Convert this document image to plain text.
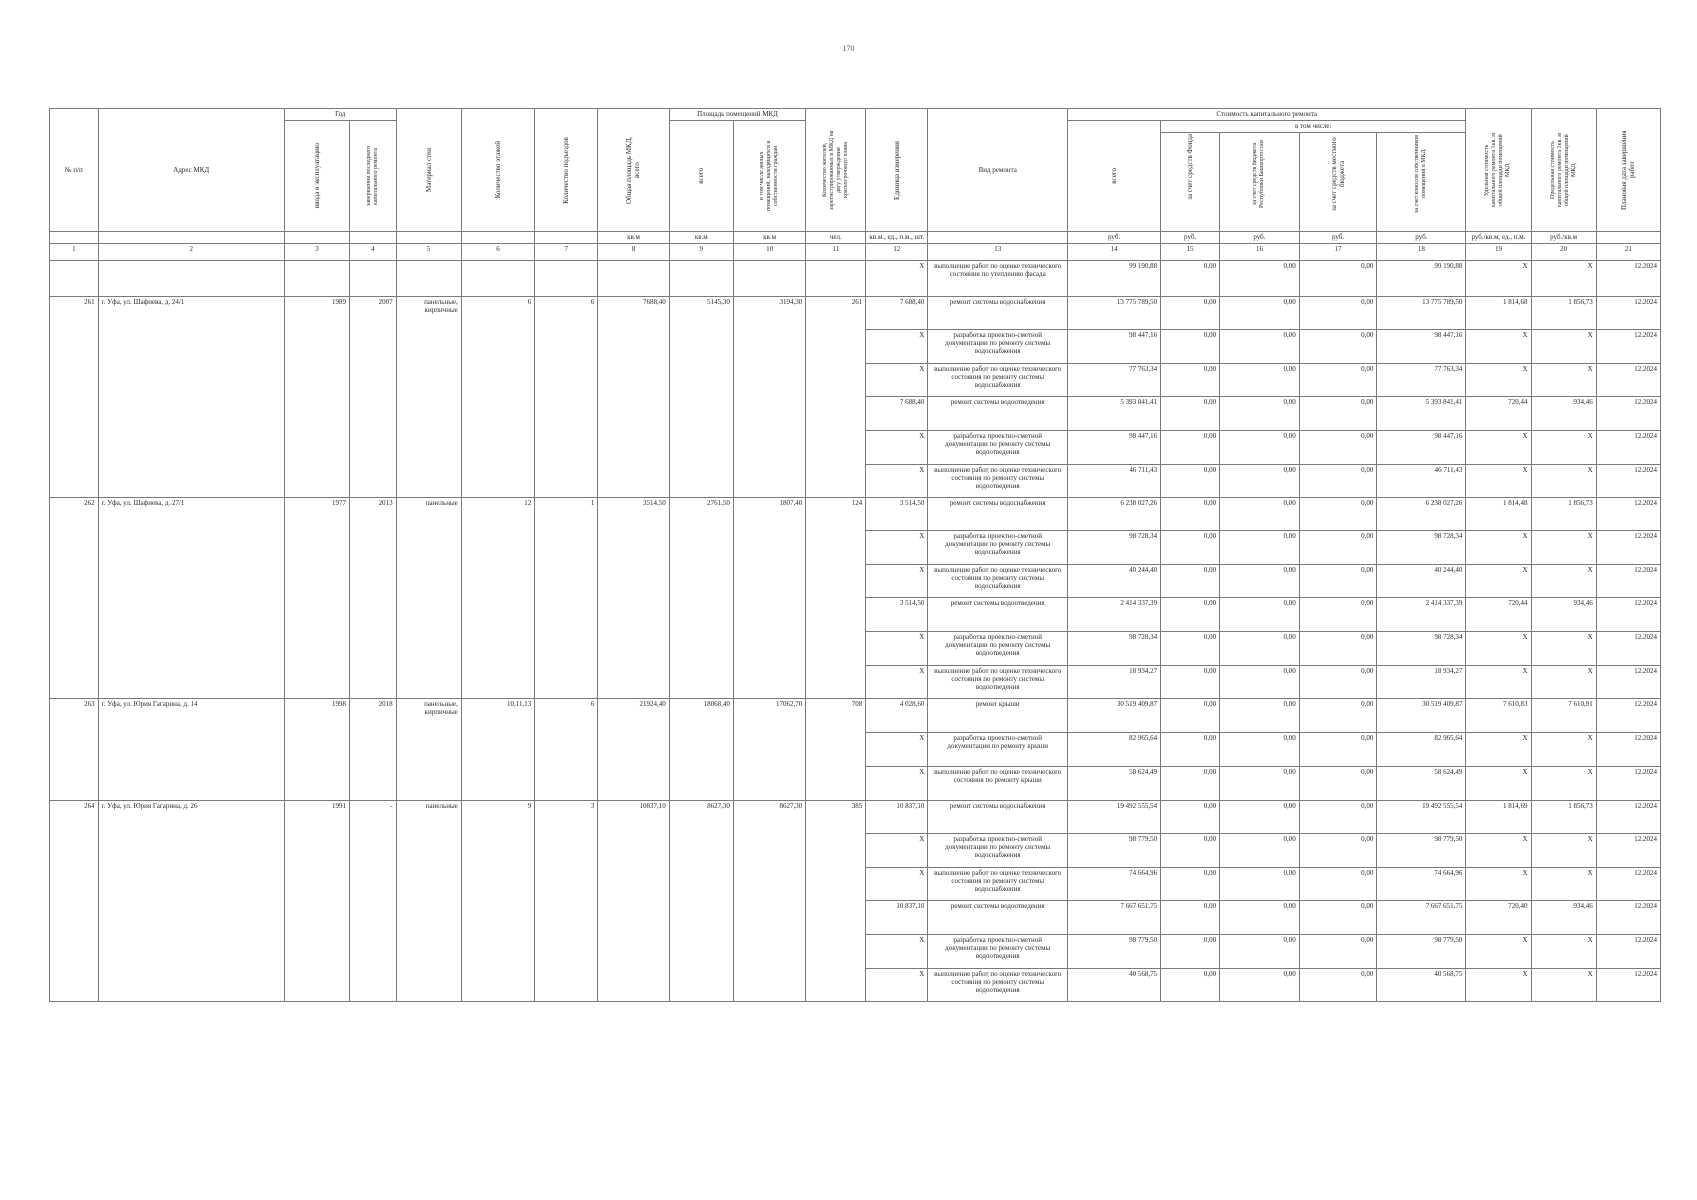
170
№ п/п	Адрес МКД	Год		Материал стен	Количество этажей	Количество подъездов	Общая площадь МКД, всего	Площадь помещений МКД		Количество жителей, зарегистрированных в МКД на дату утверждения краткосрочного плана	Единица измерения	Вид ремонта	Стоимость капитального ремонта					Удельная стоимость капитального ремонта 1кв. м общей площади помещений МКД	Предельная стоимость капитального ремонта 1кв. м общей площади помещений МКД	Плановая дата завершения работ

		ввода в эксплуатацию	завершения последнего капитального ремонта					всего	в том числе жилых помещений, находящихся в собственности граждан				всего	в том числе:						

														за счет средств Фонда	за счет средств бюджета Республики Башкортостан	за счет средств местного бюджета	за счет взносов собственников помещений в МКД			

							кв.м	кв.м	кв.м	чел.	кв.м., ед., п.м., шт.		руб.	руб.	руб.	руб.	руб.	руб./кв.м, ед., п.м.	руб./кв.м	
1	2	3	4	5	6	7	8	9	10	11	12	13	14	15	16	17	18	19	20	21
											X	выполнение работ по оценке технического состояния по утеплению фасада	99 190,88	0,00	0,00	0,00	99 190,88	X	X	12.2024
261	г. Уфа, ул. Шафиева, д. 24/1	1989	2007	панельные, кирпичные	6	6	7688,40	5145,30	3194,30	261	7 688,40	ремонт системы водоснабжения	13 775 789,50	0,00	0,00	0,00	13 775 789,50	1 814,68	1 856,73	12.2024
											X	разработка проектно-сметной документации по ремонту системы водоснабжения	98 447,16	0,00	0,00	0,00	98 447,16	X	X	12.2024
											X	выполнение работ по оценке технического состояния по ремонту системы водоснабжения	77 763,34	0,00	0,00	0,00	77 763,34	X	X	12.2024
											7 688,40	ремонт системы водоотведения	5 393 841,41	0,00	0,00	0,00	5 393 841,41	720,44	934,46	12.2024
											X	разработка проектно-сметной документации по ремонту системы водоотведения	98 447,16	0,00	0,00	0,00	98 447,16	X	X	12.2024
											X	выполнение работ по оценке технического состояния по ремонту системы водоотведения	46 711,43	0,00	0,00	0,00	46 711,43	X	X	12.2024
262	г. Уфа, ул. Шафиева, д. 27/1	1977	2013	панельные	12	1	3514,50	2761,50	1807,40	124	3 514,50	ремонт системы водоснабжения	6 238 027,26	0,00	0,00	0,00	6 238 027,26	1 814,48	1 856,73	12.2024
											X	разработка проектно-сметной документации по ремонту системы водоснабжения	98 728,34	0,00	0,00	0,00	98 728,34	X	X	12.2024
											X	выполнение работ по оценке технического состояния по ремонту системы водоснабжения	40 244,40	0,00	0,00	0,00	40 244,40	X	X	12.2024
											3 514,50	ремонт системы водоотведения	2 414 337,39	0,00	0,00	0,00	2 414 337,39	720,44	934,46	12.2024
											X	разработка проектно-сметной документации по ремонту системы водоотведения	98 728,34	0,00	0,00	0,00	98 728,34	X	X	12.2024
											X	выполнение работ по оценке технического состояния по ремонту системы водоотведения	18 934,27	0,00	0,00	0,00	18 934,27	X	X	12.2024
263	г. Уфа, ул. Юрия Гагарина, д. 14	1998	2018	панельные, кирпичные	10,11,13	6	21924,40	18068,40	17062,70	708	4 028,60	ремонт крыши	30 519 409,87	0,00	0,00	0,00	30 519 409,87	7 610,83	7 610,91	12.2024
											X	разработка проектно-сметной документации по ремонту крыши	82 965,64	0,00	0,00	0,00	82 965,64	X	X	12.2024
											X	выполнение работ по оценке технического состояния по ремонту крыши	58 624,49	0,00	0,00	0,00	58 624,49	X	X	12.2024
264	г. Уфа, ул. Юрия Гагарина, д. 26	1991	-	панельные	9	3	10837,10	8627,30	8627,30	385	10 837,10	ремонт системы водоснабжения	19 492 555,54	0,00	0,00	0,00	19 492 555,54	1 814,69	1 856,73	12.2024
											X	разработка проектно-сметной документации по ремонту системы водоснабжения	98 779,50	0,00	0,00	0,00	98 779,50	X	X	12.2024
											X	выполнение работ по оценке технического состояния по ремонту системы водоснабжения	74 664,96	0,00	0,00	0,00	74 664,96	X	X	12.2024
											10 837,10	ремонт системы водоотведения	7 667 651,75	0,00	0,00	0,00	7 667 651,75	720,40	934,46	12.2024
											X	разработка проектно-сметной документации по ремонту системы водоотведения	98 779,50	0,00	0,00	0,00	98 779,50	X	X	12.2024
											X	выполнение работ по оценке технического состояния по ремонту системы водоотведения	40 568,75	0,00	0,00	0,00	40 568,75	X	X	12.2024
